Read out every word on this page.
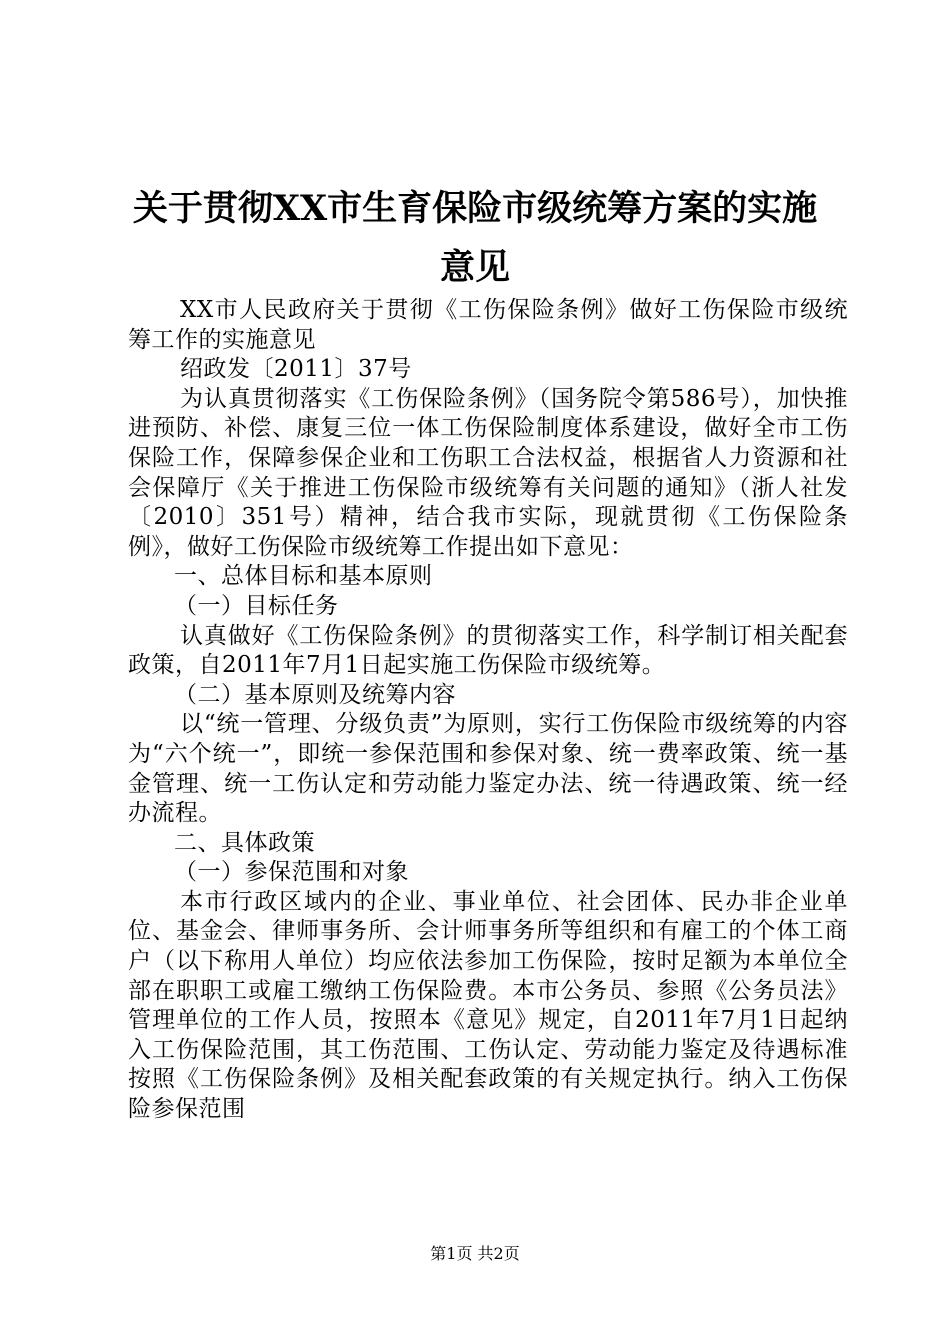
关于贯彻XX市生育保险市级统筹方案的实施
意见

XX市人民政府关于贯彻《工伤保险条例》做好工伤保险市级统筹工作的实施意见

绍政发〔2011〕37号

为认真贯彻落实《工伤保险条例》（国务院令第586号），加快推进预防、补偿、康复三位一体工伤保险制度体系建设，做好全市工伤保险工作，保障参保企业和工伤职工合法权益，根据省人力资源和社会保障厅《关于推进工伤保险市级统筹有关问题的通知》（浙人社发〔2010〕351号）精神，结合我市实际，现就贯彻《工伤保险条例》，做好工伤保险市级统筹工作提出如下意见：

一、总体目标和基本原则

（一）目标任务

认真做好《工伤保险条例》的贯彻落实工作，科学制订相关配套政策，自2011年7月1日起实施工伤保险市级统筹。

（二）基本原则及统筹内容

以“统一管理、分级负责”为原则，实行工伤保险市级统筹的内容为“六个统一”，即统一参保范围和参保对象、统一费率政策、统一基金管理、统一工伤认定和劳动能力鉴定办法、统一待遇政策、统一经办流程。

二、具体政策

（一）参保范围和对象

本市行政区域内的企业、事业单位、社会团体、民办非企业单位、基金会、律师事务所、会计师事务所等组织和有雇工的个体工商户（以下称用人单位）均应依法参加工伤保险，按时足额为本单位全部在职职工或雇工缴纳工伤保险费。本市公务员、参照《公务员法》管理单位的工作人员，按照本《意见》规定，自2011年7月1日起纳入工伤保险范围，其工伤范围、工伤认定、劳动能力鉴定及待遇标准按照《工伤保险条例》及相关配套政策的有关规定执行。纳入工伤保险参保范围

第1页 共2页
